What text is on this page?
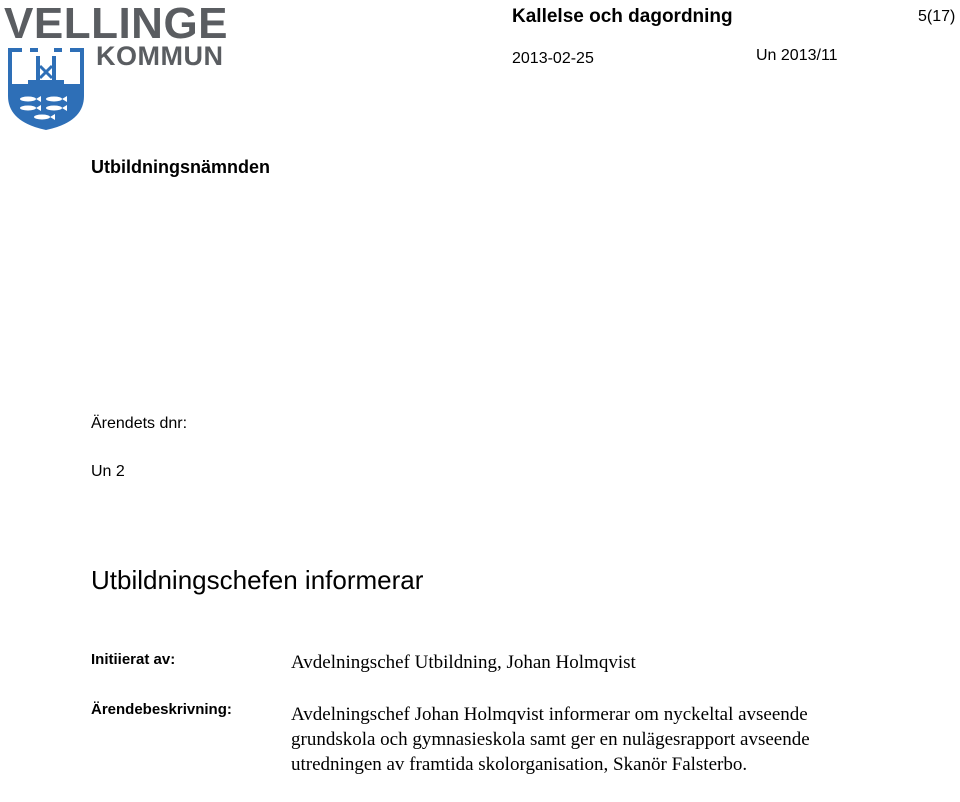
VELLINGE
KOMMUN
Kallelse och dagordning	5(17)
2013-02-25	Un 2013/11
Utbildningsnämnden
Ärendets dnr:
Un 2
Utbildningschefen informerar
Initiierat av:	Avdelningschef Utbildning, Johan Holmqvist
Ärendebeskrivning:	Avdelningschef Johan Holmqvist informerar om nyckeltal avseende grundskola och gymnasieskola samt ger en nulägesrapport avseende utredningen av framtida skolorganisation, Skanör Falsterbo.
